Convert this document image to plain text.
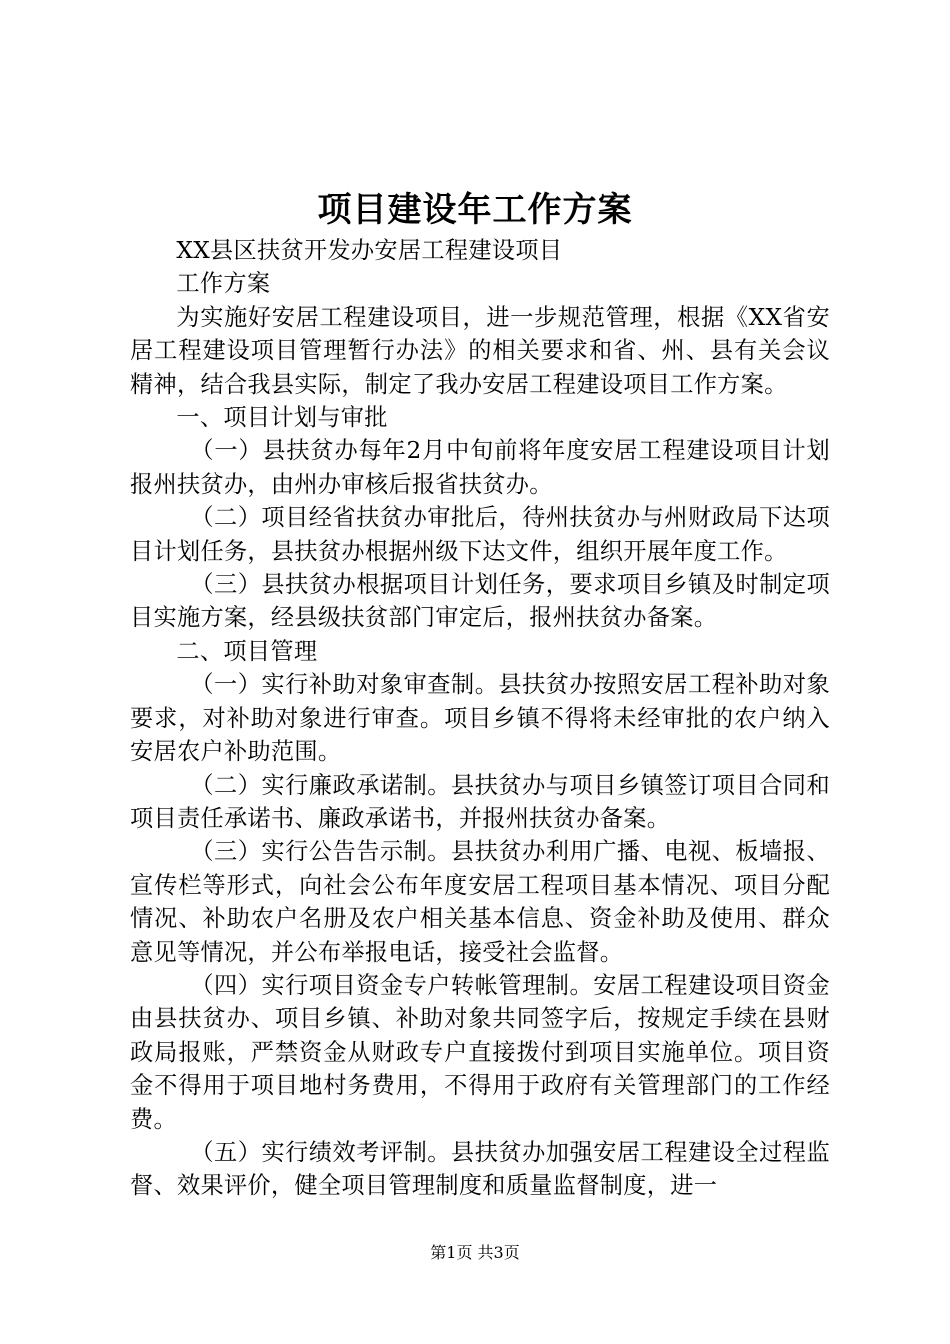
项目建设年工作方案

XX县区扶贫开发办安居工程建设项目

工作方案

为实施好安居工程建设项目，进一步规范管理，根据《XX省安居工程建设项目管理暂行办法》的相关要求和省、州、县有关会议精神，结合我县实际，制定了我办安居工程建设项目工作方案。

一、项目计划与审批

（一）县扶贫办每年2月中旬前将年度安居工程建设项目计划报州扶贫办，由州办审核后报省扶贫办。

（二）项目经省扶贫办审批后，待州扶贫办与州财政局下达项目计划任务，县扶贫办根据州级下达文件，组织开展年度工作。

（三）县扶贫办根据项目计划任务，要求项目乡镇及时制定项目实施方案，经县级扶贫部门审定后，报州扶贫办备案。

二、项目管理

（一）实行补助对象审查制。县扶贫办按照安居工程补助对象要求，对补助对象进行审查。项目乡镇不得将未经审批的农户纳入安居农户补助范围。

（二）实行廉政承诺制。县扶贫办与项目乡镇签订项目合同和项目责任承诺书、廉政承诺书，并报州扶贫办备案。

（三）实行公告告示制。县扶贫办利用广播、电视、板墙报、宣传栏等形式，向社会公布年度安居工程项目基本情况、项目分配情况、补助农户名册及农户相关基本信息、资金补助及使用、群众意见等情况，并公布举报电话，接受社会监督。

（四）实行项目资金专户转帐管理制。安居工程建设项目资金由县扶贫办、项目乡镇、补助对象共同签字后，按规定手续在县财政局报账，严禁资金从财政专户直接拨付到项目实施单位。项目资金不得用于项目地村务费用，不得用于政府有关管理部门的工作经费。

（五）实行绩效考评制。县扶贫办加强安居工程建设全过程监督、效果评价，健全项目管理制度和质量监督制度，进一

第1页 共3页
